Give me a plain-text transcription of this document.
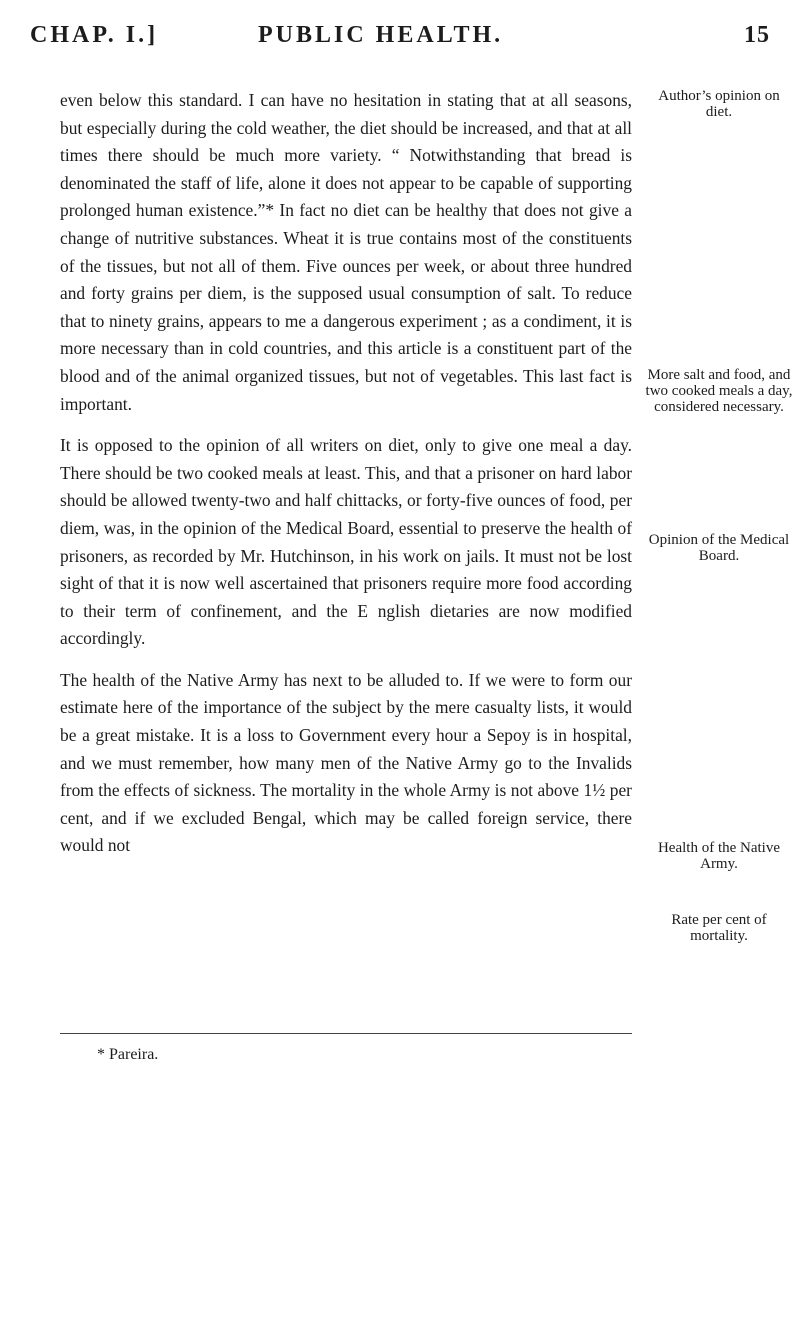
CHAP. I.]	PUBLIC HEALTH.	15

even below this standard. I can have no hesitation in stating that at all seasons, but especially during the cold weather, the diet should be increased, and that at all times there should be much more variety. “ Notwithstanding that bread is denominated the staff of life, alone it does not appear to be capable of supporting prolonged human existence.”* In fact no diet can be healthy that does not give a change of nutritive substances. Wheat it is true contains most of the constituents of the tissues, but not all of them. Five ounces per week, or about three hundred and forty grains per diem, is the supposed usual consumption of salt. To reduce that to ninety grains, appears to me a dangerous experiment ; as a condiment, it is more necessary than in cold countries, and this article is a constituent part of the blood and of the animal organized tissues, but not of vegetables. This last fact is important.

It is opposed to the opinion of all writers on diet, only to give one meal a day. There should be two cooked meals at least. This, and that a prisoner on hard labor should be allowed twenty-two and half chittacks, or forty-five ounces of food, per diem, was, in the opinion of the Medical Board, essential to preserve the health of prisoners, as recorded by Mr. Hutchinson, in his work on jails. It must not be lost sight of that it is now well ascertained that prisoners require more food according to their term of confinement, and the E nglish dietaries are now modified accordingly.

The health of the Native Army has next to be alluded to. If we were to form our estimate here of the importance of the subject by the mere casualty lists, it would be a great mistake. It is a loss to Government every hour a Sepoy is in hospital, and we must remember, how many men of the Native Army go to the Invalids from the effects of sickness. The mortality in the whole Army is not above 1½ per cent, and if we excluded Bengal, which may be called foreign service, there would not

Author’s opinion on diet.
More salt and food, and two cooked meals a day, considered necessary.
Opinion of the Medical Board.
Health of the Native Army.
Rate per cent of mortality.
* Pareira.
